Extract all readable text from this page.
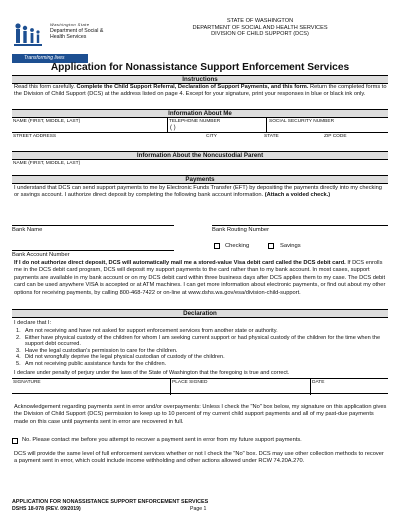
Washington State
Department of Social & Health Services
Transforming lives
STATE OF WASHINGTON
DEPARTMENT OF SOCIAL AND HEALTH SERVICES
DIVISION OF CHILD SUPPORT (DCS)
Application for Nonassistance Support Enforcement Services
Instructions
Read this form carefully. Complete the Child Support Referral, Declaration of Support Payments, and this form. Return the completed forms to the Division of Child Support (DCS) at the address listed on page 4. Except for your signature, print your responses in blue or black ink only.
Information About Me
NAME (FIRST, MIDDLE, LAST)	TELEPHONE NUMBER
( )
SOCIAL SECURITY NUMBER
STREET ADDRESS	CITY	STATE	ZIP CODE
Information About the Noncustodial Parent
NAME (FIRST, MIDDLE, LAST)
Payments
I understand that DCS can send support payments to me by Electronic Funds Transfer (EFT) by depositing the payments directly into my checking or savings account. I authorize direct deposit by completing the following bank account information. (Attach a voided check.)
Bank Name	Bank Routing Number
Checking	Savings
Bank Account Number
If I do not authorize direct deposit, DCS will automatically mail me a stored-value Visa debit card called the DCS debit card. If DCS enrolls me in the DCS debit card program, DCS will deposit my support payments to the card rather than to my bank account. In most cases, support payments are available in my bank account or on my DCS debit card within three business days after DCS applies them to my case. The DCS debit card can be used anywhere VISA is accepted or at ATM machines. I can get more information about electronic payments, or find out about my other options for receiving payments, by calling 800-468-7422 or on-line at www.dshs.wa.gov/esa/division-child-support.
Declaration
I declare that I:
1. Am not receiving and have not asked for support enforcement services from another state or authority.
2. Either have physical custody of the children for whom I am seeking current support or had physical custody of the children for the time when the support debt occurred.
3. Have the legal custodian's permission to care for the children.
4. Did not wrongfully deprive the legal physical custodian of custody of the children.
5. Am not receiving public assistance funds for the children.
I declare under penalty of perjury under the laws of the State of Washington that the foregoing is true and correct.
SIGNATURE	PLACE SIGNED	DATE
Acknowledgement regarding payments sent in error and/or overpayments: Unless I check the "No" box below, my signature on this application gives the Division of Child Support (DCS) permission to keep up to 10 percent of my current child support payments and all of my past-due payments made on this case until payments sent in error are recovered in full.
No. Please contact me before you attempt to recover a payment sent in error from my future support payments.
DCS will provide the same level of full enforcement services whether or not I check the "No" box. DCS may use other collection methods to recover a payment sent in error, which could include income withholding and other actions allowed under RCW 74.20A.270.
APPLICATION FOR NONASSISTANCE SUPPORT ENFORCEMENT SERVICES
DSHS 18-078 (REV. 09/2019)	Page 1
